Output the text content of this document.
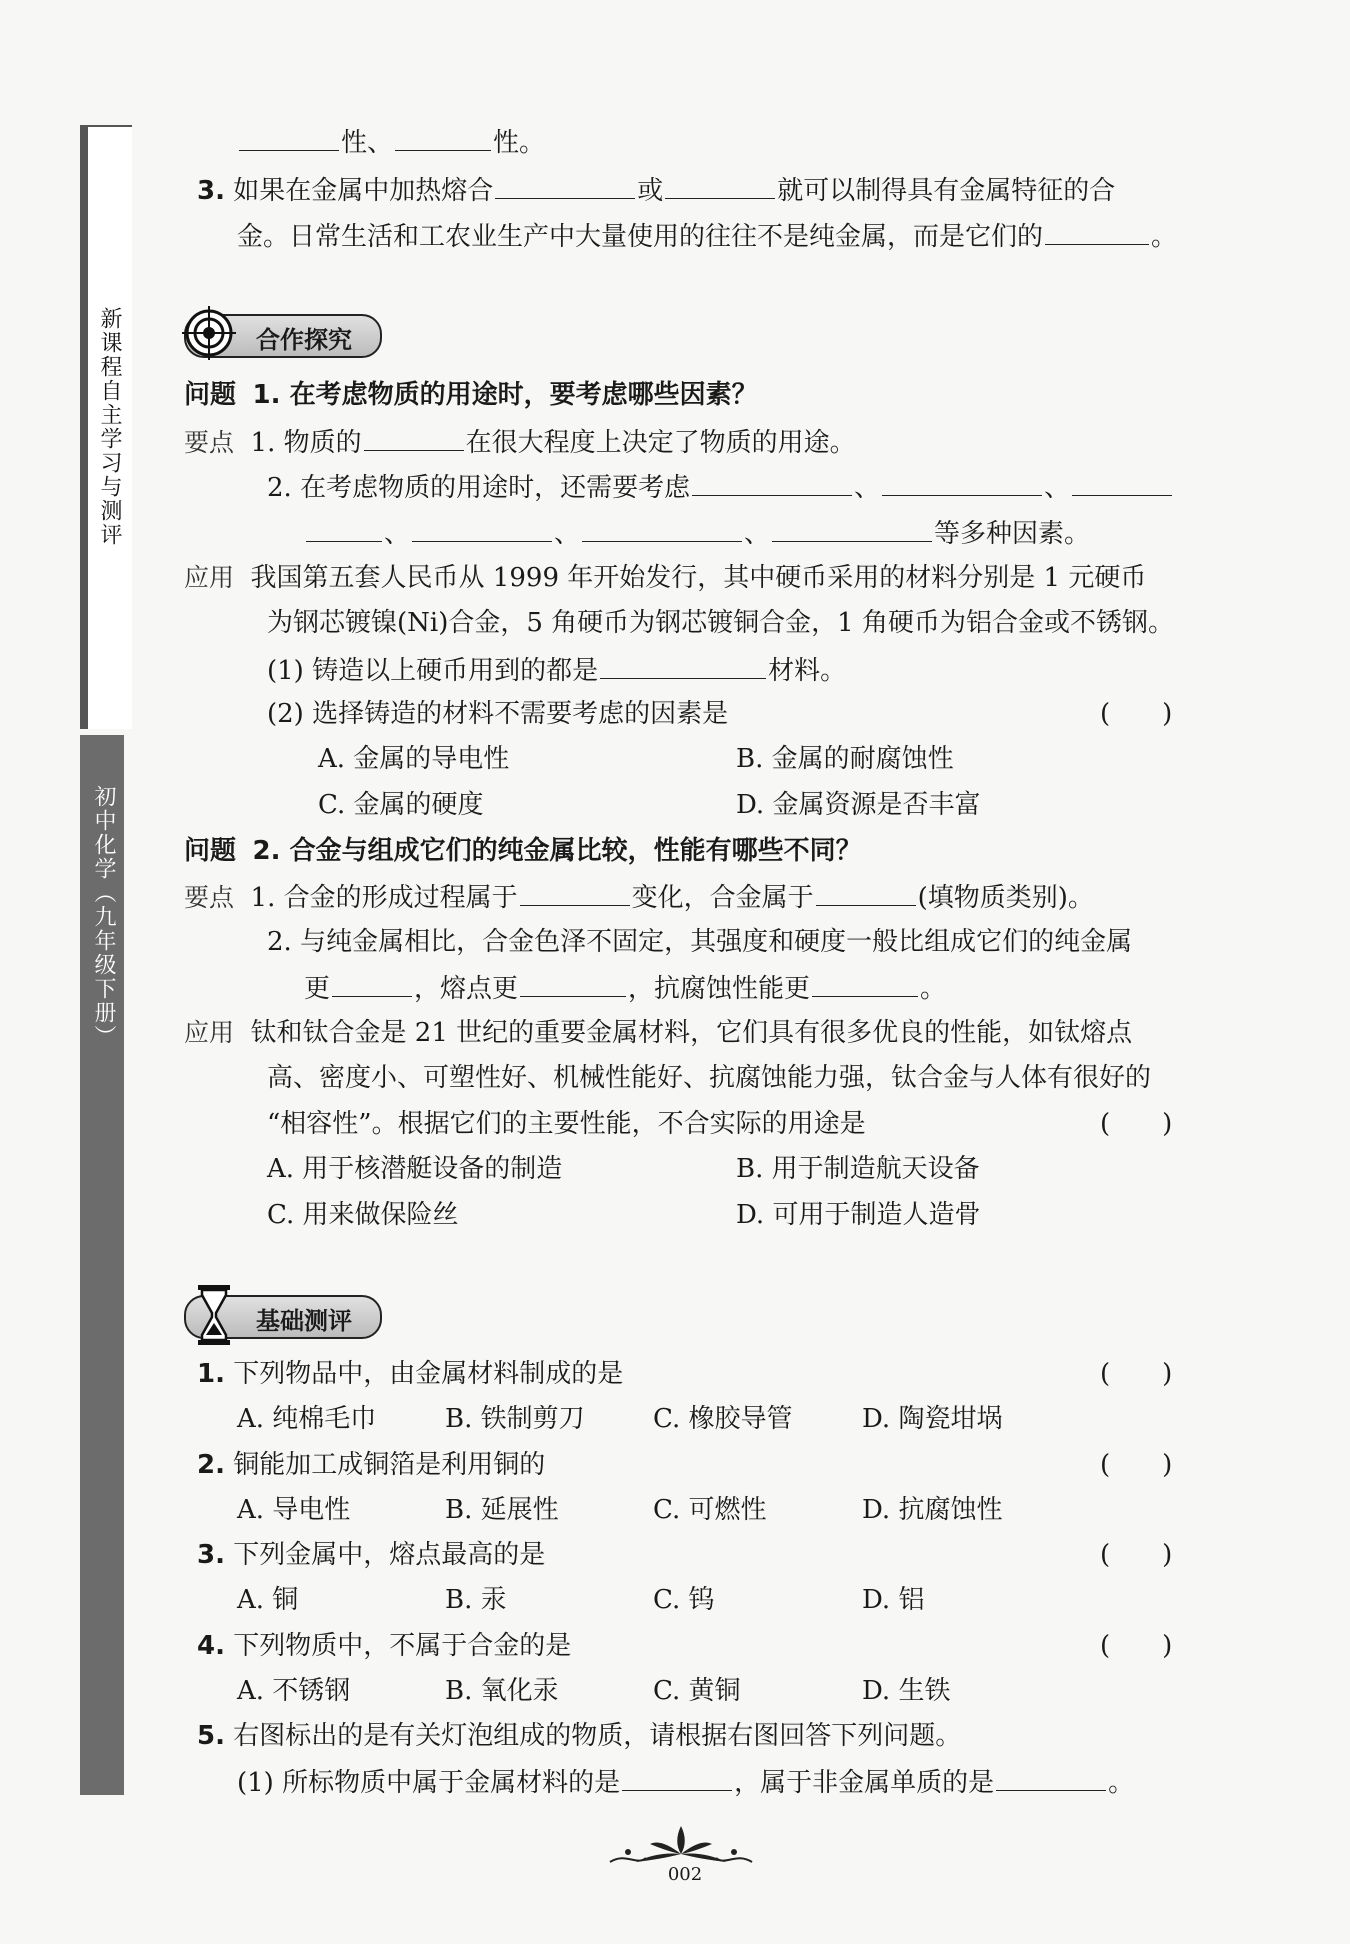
新课程自主学习与测评
初中化学（九年级下册）
性、	性。
3. 如果在金属中加热熔合	或	就可以制得具有金属特征的合
金。日常生活和工农业生产中大量使用的往往不是纯金属，而是它们的	。
合作探究
问题 1. 在考虑物质的用途时，要考虑哪些因素？
要点 1. 物质的	在很大程度上决定了物质的用途。
2. 在考虑物质的用途时，还需要考虑	、	、
、	、	、	等多种因素。
应用 我国第五套人民币从 1999 年开始发行，其中硬币采用的材料分别是 1 元硬币
为钢芯镀镍(Ni)合金，5 角硬币为钢芯镀铜合金，1 角硬币为铝合金或不锈钢。
(1) 铸造以上硬币用到的都是	材料。
(2) 选择铸造的材料不需要考虑的因素是	(　　)
A. 金属的导电性	B. 金属的耐腐蚀性
C. 金属的硬度	D. 金属资源是否丰富
问题 2. 合金与组成它们的纯金属比较，性能有哪些不同？
要点 1. 合金的形成过程属于	变化，合金属于	(填物质类别)。
2. 与纯金属相比，合金色泽不固定，其强度和硬度一般比组成它们的纯金属
更	，熔点更	，抗腐蚀性能更	。
应用 钛和钛合金是 21 世纪的重要金属材料，它们具有很多优良的性能，如钛熔点
高、密度小、可塑性好、机械性能好、抗腐蚀能力强，钛合金与人体有很好的
“相容性”。根据它们的主要性能，不合实际的用途是	(　　)
A. 用于核潜艇设备的制造	B. 用于制造航天设备
C. 用来做保险丝	D. 可用于制造人造骨
基础测评
1. 下列物品中，由金属材料制成的是	(　　)
A. 纯棉毛巾	B. 铁制剪刀	C. 橡胶导管	D. 陶瓷坩埚
2. 铜能加工成铜箔是利用铜的	(　　)
A. 导电性	B. 延展性	C. 可燃性	D. 抗腐蚀性
3. 下列金属中，熔点最高的是	(　　)
A. 铜	B. 汞	C. 钨	D. 铝
4. 下列物质中，不属于合金的是	(　　)
A. 不锈钢	B. 氧化汞	C. 黄铜	D. 生铁
5. 右图标出的是有关灯泡组成的物质，请根据右图回答下列问题。
(1) 所标物质中属于金属材料的是	，属于非金属单质的是	。
002
